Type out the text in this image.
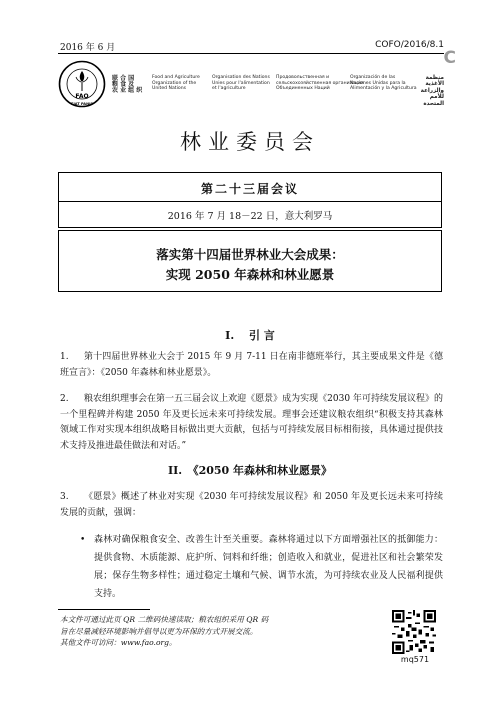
2016 年 6 月	COFO/2016/8.1
C
FAO
FIAT PANIS
联 合 国
粮 食 及
农 业 组 织
Food and Agriculture
Organization of the
United Nations
Organisation des Nations
Unies pour l'alimentation
et l'agriculture
Продовольственная и
сельскохозяйственная организация
Объединенных Наций
Organización de las
Naciones Unidas para la
Alimentación y la Agricultura
منظمة
الأغذية والزراعة
للأمم المتحدة
林业委员会
第二十三届会议
2016 年 7 月 18－22 日，意大利罗马
落实第十四届世界林业大会成果：
实现 2050 年森林和林业愿景
I.　 引 言
1.	第十四届世界林业大会于 2015 年 9 月 7-11 日在南非德班举行，其主要成果文件是《德班宣言》：《2050 年森林和林业愿景》。
2.	粮农组织理事会在第一五三届会议上欢迎《愿景》成为实现《2030 年可持续发展议程》的一个里程碑并构建 2050 年及更长远未来可持续发展。理事会还建议粮农组织“积极支持其森林领域工作对实现本组织战略目标做出更大贡献，包括与可持续发展目标相衔接，具体通过提供技术支持及推进最佳做法和对话。”
II.　《2050 年森林和林业愿景》
3.	《愿景》概述了林业对实现《2030 年可持续发展议程》和 2050 年及更长远未来可持续发展的贡献，强调：
• 森林对确保粮食安全、改善生计至关重要。森林将通过以下方面增强社区的抵御能力：提供食物、木质能源、庇护所、饲料和纤维；创造收入和就业，促进社区和社会繁荣发展；保存生物多样性；通过稳定土壤和气候、调节水流，为可持续农业及人民福利提供支持。
本文件可通过此页 QR 二维码快速读取；粮农组织采用 QR 码
旨在尽量减轻环境影响并倡导以更为环保的方式开展交流。
其他文件可访问：www.fao.org。
mq571
